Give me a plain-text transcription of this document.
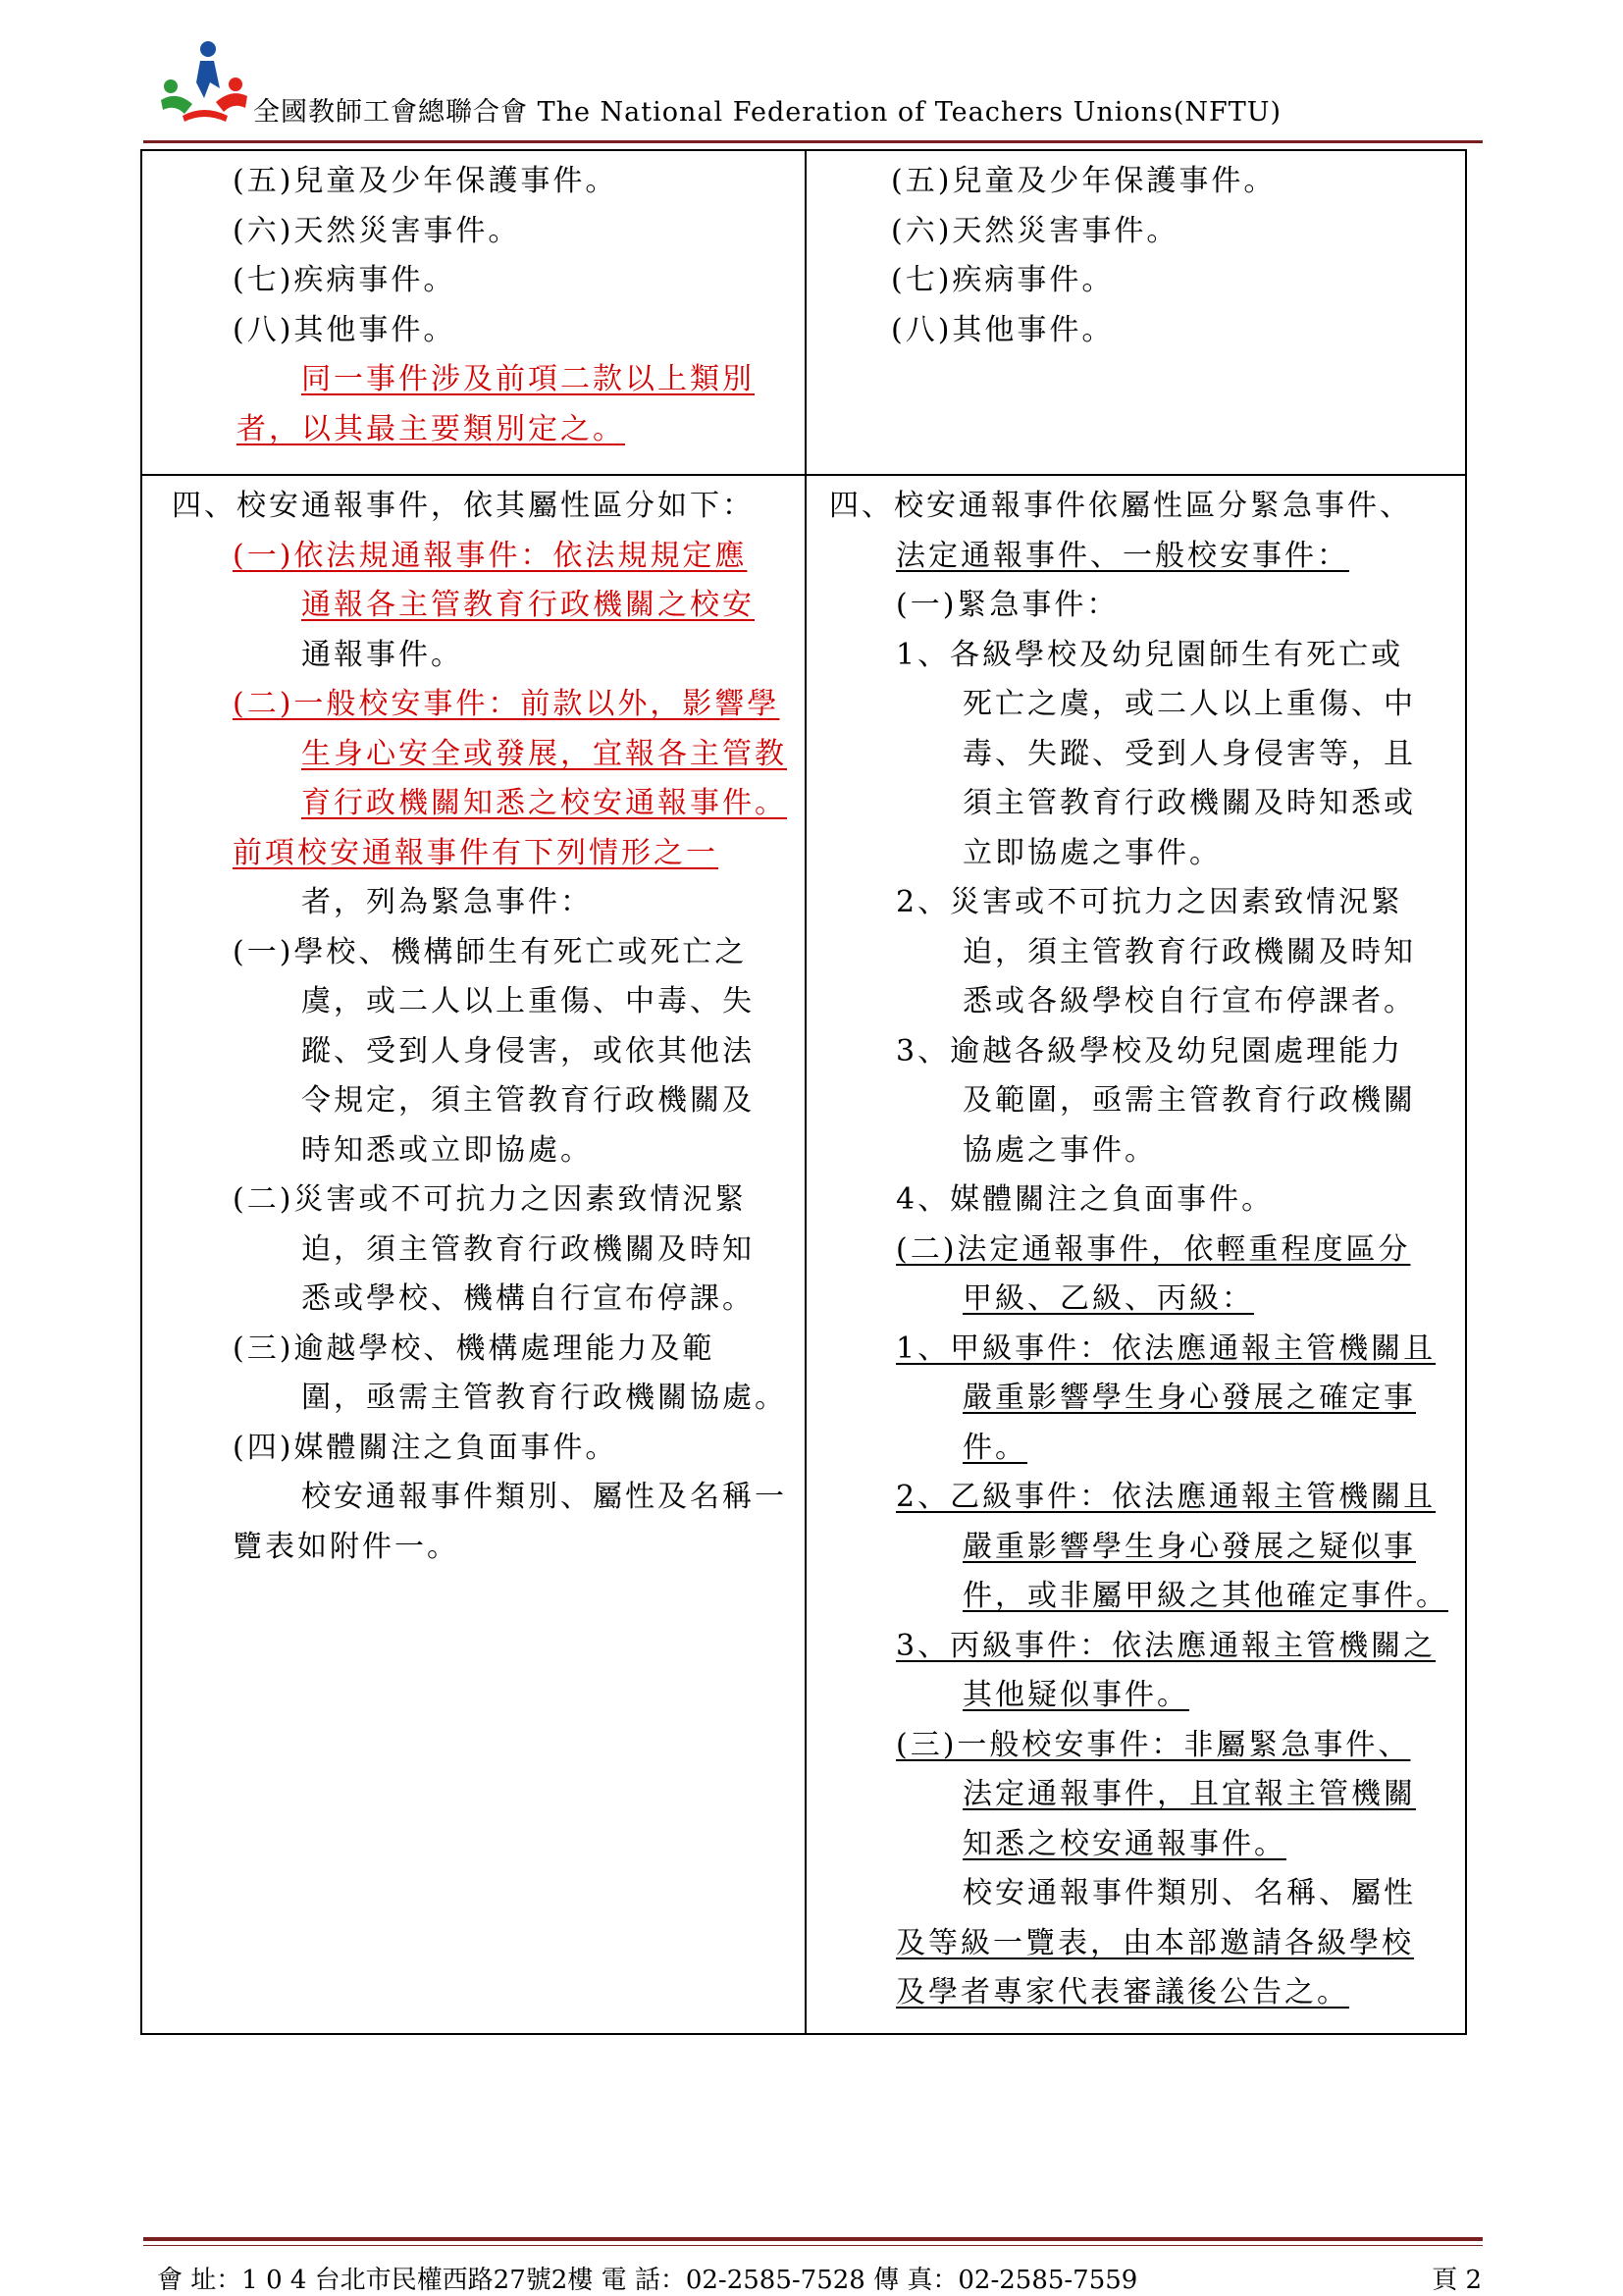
全國教師工會總聯合會 The National Federation of Teachers Unions(NFTU)
(五)兒童及少年保護事件。
(六)天然災害事件。
(七)疾病事件。
(八)其他事件。
同一事件涉及前項二款以上類別
者，以其最主要類別定之。
(五)兒童及少年保護事件。
(六)天然災害事件。
(七)疾病事件。
(八)其他事件。
四、校安通報事件，依其屬性區分如下：
(一)依法規通報事件：依法規規定應
通報各主管教育行政機關之校安
通報事件。
(二)一般校安事件：前款以外，影響學
生身心安全或發展，宜報各主管教
育行政機關知悉之校安通報事件。
前項校安通報事件有下列情形之一
者，列為緊急事件：
(一)學校、機構師生有死亡或死亡之
虞，或二人以上重傷、中毒、失
蹤、受到人身侵害，或依其他法
令規定，須主管教育行政機關及
時知悉或立即協處。
(二)災害或不可抗力之因素致情況緊
迫，須主管教育行政機關及時知
悉或學校、機構自行宣布停課。
(三)逾越學校、機構處理能力及範
圍，亟需主管教育行政機關協處。
(四)媒體關注之負面事件。
校安通報事件類別、屬性及名稱一
覽表如附件一。
四、校安通報事件依屬性區分緊急事件、
法定通報事件、一般校安事件：
(一)緊急事件：
1、各級學校及幼兒園師生有死亡或
死亡之虞，或二人以上重傷、中
毒、失蹤、受到人身侵害等，且
須主管教育行政機關及時知悉或
立即協處之事件。
2、災害或不可抗力之因素致情況緊
迫，須主管教育行政機關及時知
悉或各級學校自行宣布停課者。
3、逾越各級學校及幼兒園處理能力
及範圍，亟需主管教育行政機關
協處之事件。
4、媒體關注之負面事件。
(二)法定通報事件，依輕重程度區分
甲級、乙級、丙級：
1、甲級事件：依法應通報主管機關且
嚴重影響學生身心發展之確定事
件。
2、乙級事件：依法應通報主管機關且
嚴重影響學生身心發展之疑似事
件，或非屬甲級之其他確定事件。
3、丙級事件：依法應通報主管機關之
其他疑似事件。
(三)一般校安事件：非屬緊急事件、
法定通報事件，且宜報主管機關
知悉之校安通報事件。
校安通報事件類別、名稱、屬性
及等級一覽表，由本部邀請各級學校
及學者專家代表審議後公告之。
會 址：1 0 4 台北市民權西路27號2樓 電 話：02-2585-7528 傳 真：02-2585-7559	頁 2
